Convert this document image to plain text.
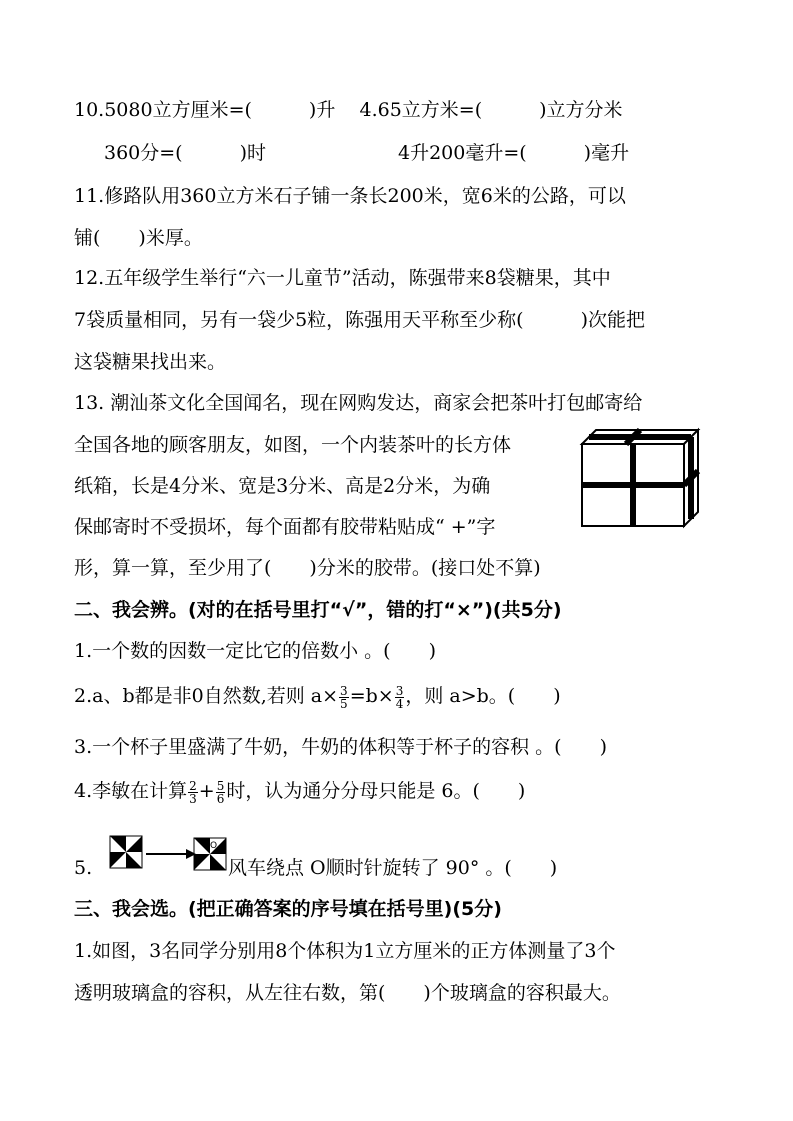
10.5080立方厘米=(　　　)升 4.65立方米=(　　　)立方分米
360分=(　　　)时	4升200毫升=(　　　)毫升
11.修路队用360立方米石子铺一条长200米，宽6米的公路，可以
铺(　　)米厚。
12.五年级学生举行“六一儿童节”活动，陈强带来8袋糖果，其中
7袋质量相同，另有一袋少5粒，陈强用天平称至少称(　　　)次能把
这袋糖果找出来。
13. 潮汕茶文化全国闻名，现在网购发达，商家会把茶叶打包邮寄给
全国各地的顾客朋友，如图，一个内装茶叶的长方体
纸箱，长是4分米、宽是3分米、高是2分米，为确
保邮寄时不受损坏，每个面都有胶带粘贴成“ +”字
形，算一算，至少用了(　　)分米的胶带。(接口处不算)
二、我会辨。(对的在括号里打“√”，错的打“×”)(共5分)
1.一个数的因数一定比它的倍数小 。(　　)
2.a、b都是非0自然数,若则 $a\times \frac{3}{5} =b\times \frac{3}{4}$ ，则 a>b。(　　)
3.一个杯子里盛满了牛奶，牛奶的体积等于杯子的容积 。(　　)
4.李敏在计算 $\frac{2}{3} + \frac{5}{6}$ 时，认为通分分母只能是 6。(　　)
5.
O
风车绕点 O顺时针旋转了 90° 。(　　)
三、我会选。(把正确答案的序号填在括号里)(5分)
1.如图，3名同学分别用8个体积为1立方厘米的正方体测量了3个
透明玻璃盒的容积，从左往右数，第(　　)个玻璃盒的容积最大。
